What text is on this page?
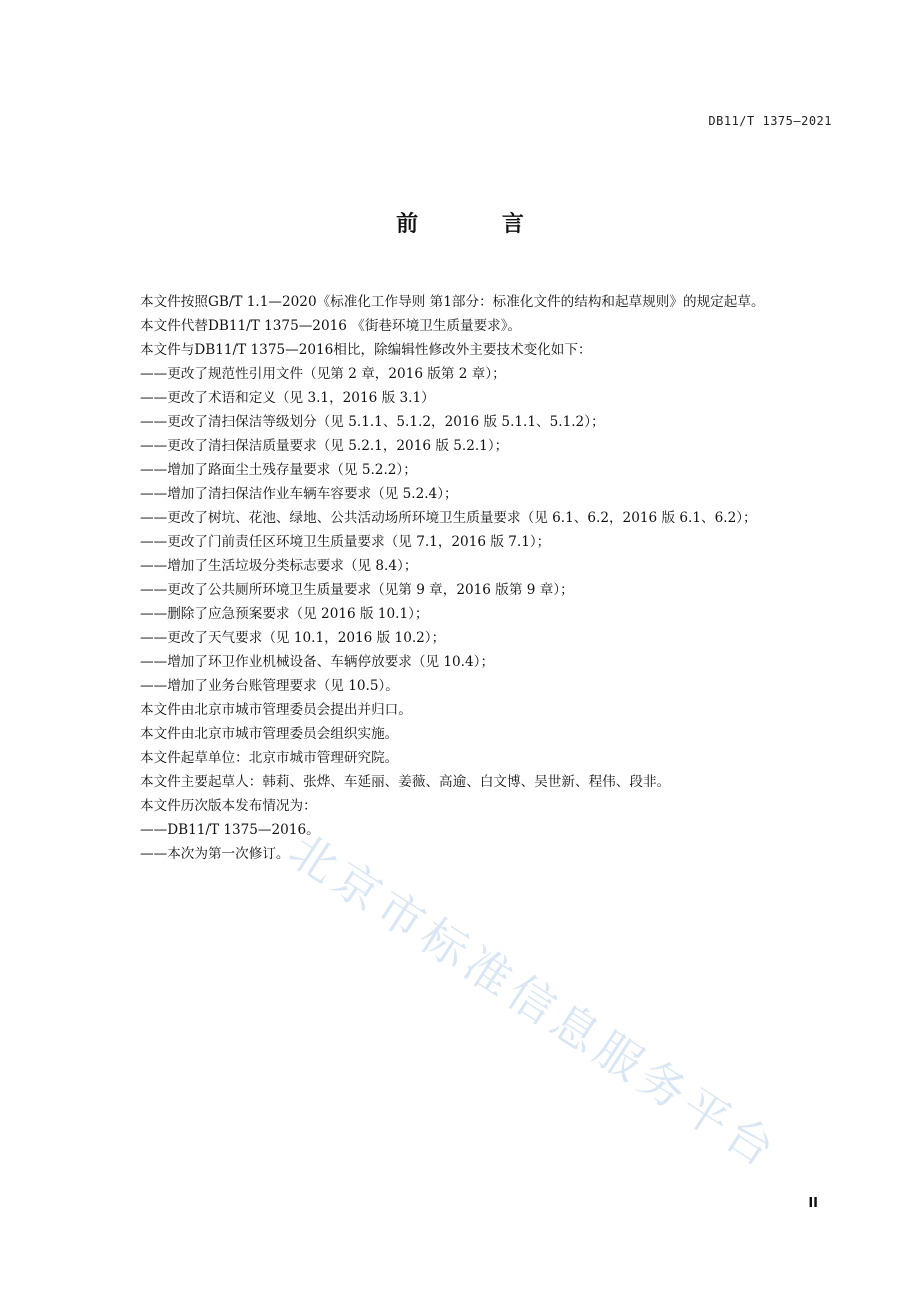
DB11/T 1375—2021
前 言

本文件按照GB/T 1.1—2020《标准化工作导则 第1部分：标准化文件的结构和起草规则》的规定起草。

本文件代替DB11/T 1375—2016 《街巷环境卫生质量要求》。

本文件与DB11/T 1375—2016相比，除编辑性修改外主要技术变化如下：

——更改了规范性引用文件（见第 2 章，2016 版第 2 章）；

——更改了术语和定义（见 3.1，2016 版 3.1）

——更改了清扫保洁等级划分（见 5.1.1、5.1.2，2016 版 5.1.1、5.1.2）；

——更改了清扫保洁质量要求（见 5.2.1，2016 版 5.2.1）；

——增加了路面尘土残存量要求（见 5.2.2）；

——增加了清扫保洁作业车辆车容要求（见 5.2.4）；

——更改了树坑、花池、绿地、公共活动场所环境卫生质量要求（见 6.1、6.2，2016 版 6.1、6.2）；

——更改了门前责任区环境卫生质量要求（见 7.1，2016 版 7.1）；

——增加了生活垃圾分类标志要求（见 8.4）；

——更改了公共厕所环境卫生质量要求（见第 9 章，2016 版第 9 章）；

——删除了应急预案要求（见 2016 版 10.1）；

——更改了天气要求（见 10.1，2016 版 10.2）；

——增加了环卫作业机械设备、车辆停放要求（见 10.4）；

——增加了业务台账管理要求（见 10.5）。

本文件由北京市城市管理委员会提出并归口。

本文件由北京市城市管理委员会组织实施。

本文件起草单位：北京市城市管理研究院。

本文件主要起草人：韩莉、张烨、车延丽、姜薇、高逾、白文博、吴世新、程伟、段非。

本文件历次版本发布情况为：

——DB11/T 1375—2016。

——本次为第一次修订。

北京市标准信息服务平台
II
